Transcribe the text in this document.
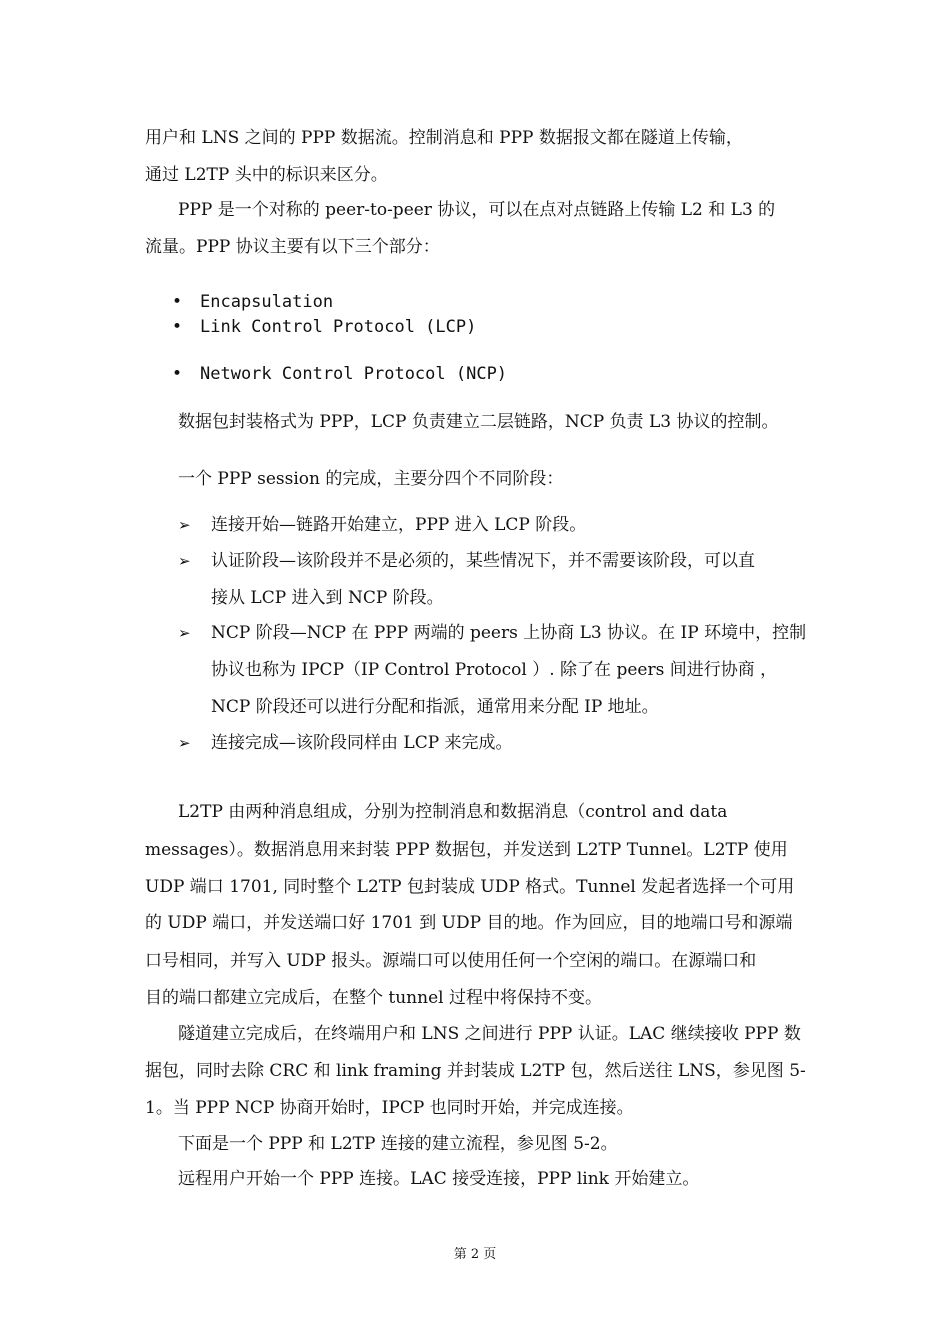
用户和 LNS 之间的 PPP 数据流。控制消息和 PPP 数据报文都在隧道上传输，
通过 L2TP 头中的标识来区分。
PPP 是一个对称的 peer-to-peer 协议，可以在点对点链路上传输 L2 和 L3 的
流量。PPP 协议主要有以下三个部分：
• Encapsulation
• Link Control Protocol (LCP)
• Network Control Protocol (NCP)
数据包封装格式为 PPP，LCP 负责建立二层链路，NCP 负责 L3 协议的控制。
一个 PPP session 的完成，主要分四个不同阶段：
➢ 连接开始—链路开始建立，PPP 进入 LCP 阶段。
➢ 认证阶段—该阶段并不是必须的，某些情况下，并不需要该阶段，可以直
接从 LCP 进入到 NCP 阶段。
➢ NCP 阶段—NCP 在 PPP 两端的 peers 上协商 L3 协议。在 IP 环境中，控制
协议也称为 IPCP（IP Control Protocol ）. 除了在 peers 间进行协商 ，
NCP 阶段还可以进行分配和指派，通常用来分配 IP 地址。
➢ 连接完成—该阶段同样由 LCP 来完成。
L2TP 由两种消息组成，分别为控制消息和数据消息（control and data
messages）。数据消息用来封装 PPP 数据包，并发送到 L2TP Tunnel。L2TP 使用
UDP 端口 1701, 同时整个 L2TP 包封装成 UDP 格式。Tunnel 发起者选择一个可用
的 UDP 端口，并发送端口好 1701 到 UDP 目的地。作为回应，目的地端口号和源端
口号相同，并写入 UDP 报头。源端口可以使用任何一个空闲的端口。在源端口和
目的端口都建立完成后，在整个 tunnel 过程中将保持不变。
隧道建立完成后，在终端用户和 LNS 之间进行 PPP 认证。LAC 继续接收 PPP 数
据包，同时去除 CRC 和 link framing 并封装成 L2TP 包，然后送往 LNS，参见图 5-
1。当 PPP NCP 协商开始时，IPCP 也同时开始，并完成连接。
下面是一个 PPP 和 L2TP 连接的建立流程，参见图 5-2。
远程用户开始一个 PPP 连接。LAC 接受连接，PPP link 开始建立。
第 2 页
